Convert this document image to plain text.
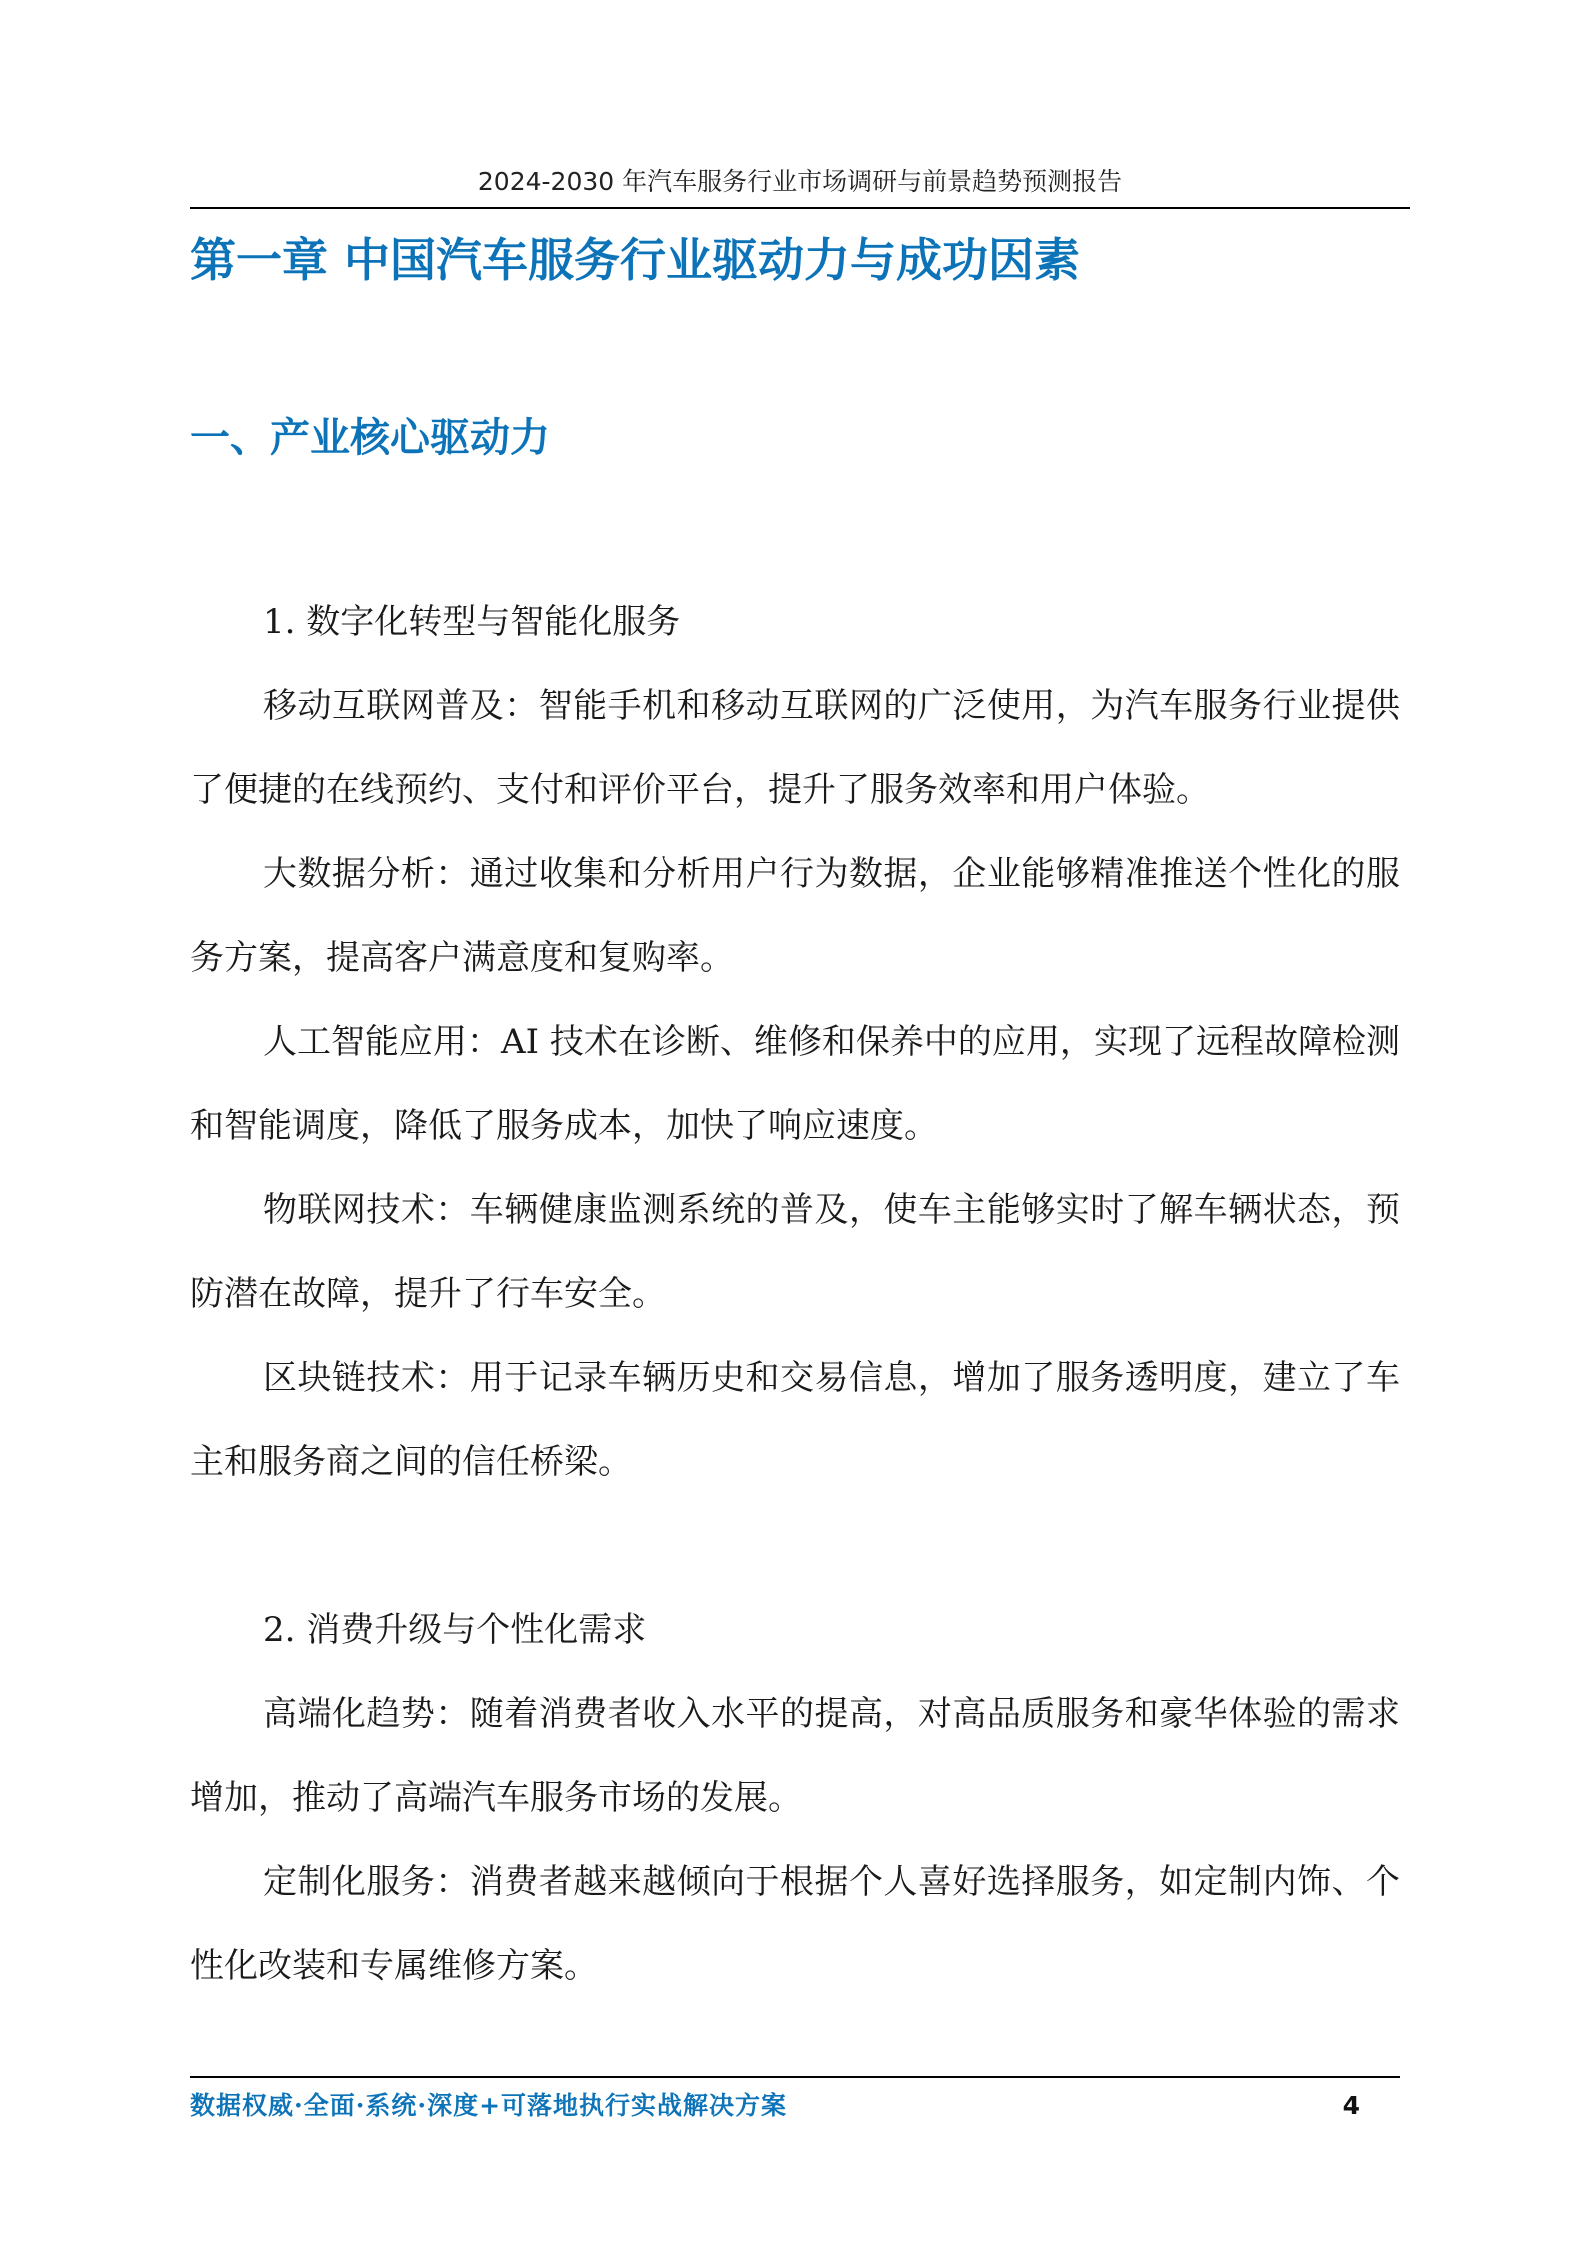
2024-2030 年汽车服务行业市场调研与前景趋势预测报告
第一章 中国汽车服务行业驱动力与成功因素
一、产业核心驱动力

1. 数字化转型与智能化服务

移动互联网普及：智能手机和移动互联网的广泛使用，为汽车服务行业提供了便捷的在线预约、支付和评价平台，提升了服务效率和用户体验。

大数据分析：通过收集和分析用户行为数据，企业能够精准推送个性化的服务方案，提高客户满意度和复购率。

人工智能应用：AI 技术在诊断、维修和保养中的应用，实现了远程故障检测和智能调度，降低了服务成本，加快了响应速度。

物联网技术：车辆健康监测系统的普及，使车主能够实时了解车辆状态，预防潜在故障，提升了行车安全。

区块链技术：用于记录车辆历史和交易信息，增加了服务透明度，建立了车主和服务商之间的信任桥梁。

2. 消费升级与个性化需求

高端化趋势：随着消费者收入水平的提高，对高品质服务和豪华体验的需求增加，推动了高端汽车服务市场的发展。

定制化服务：消费者越来越倾向于根据个人喜好选择服务，如定制内饰、个性化改装和专属维修方案。

数据权威·全面·系统·深度+可落地执行实战解决方案	4
